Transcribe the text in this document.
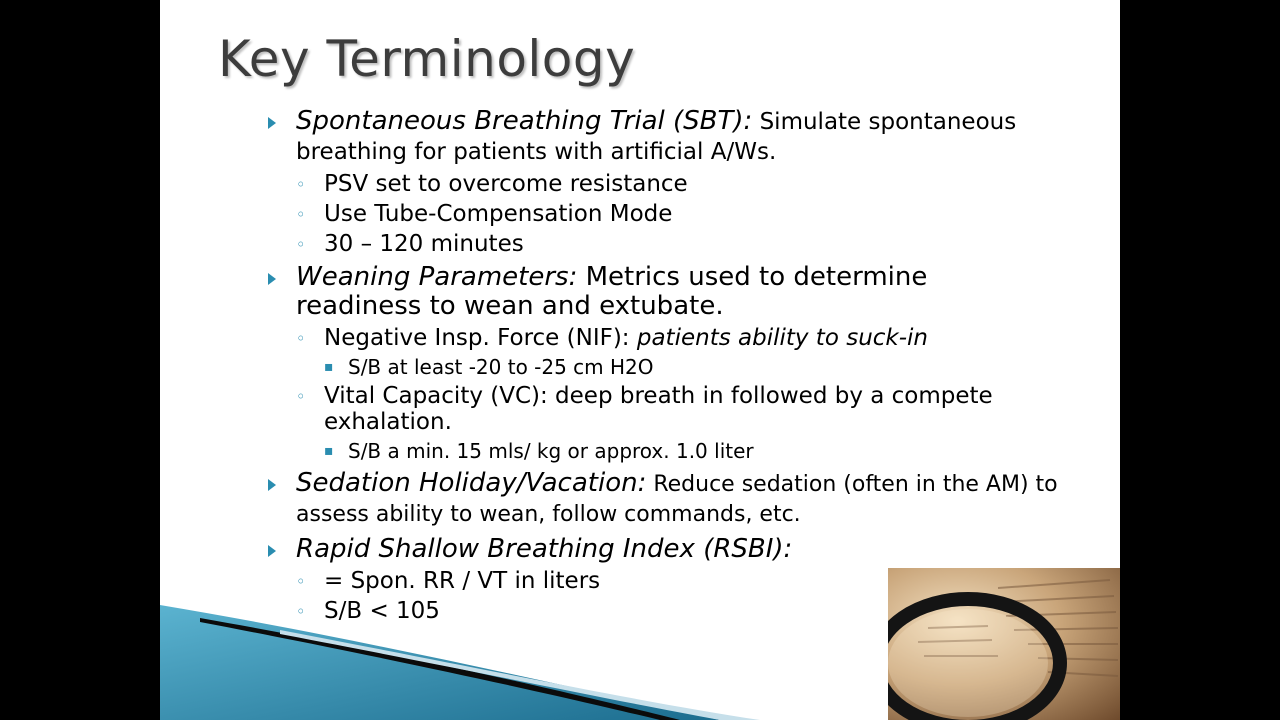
Key Terminology
Spontaneous Breathing Trial (SBT): Simulate spontaneous breathing for patients with artificial A/Ws.
◦ PSV set to overcome resistance
◦ Use Tube-Compensation Mode
◦ 30 – 120 minutes
Weaning Parameters: Metrics used to determine readiness to wean and extubate.
◦ Negative Insp. Force (NIF): patients ability to suck-in
▪ S/B at least -20 to -25 cm H2O
◦ Vital Capacity (VC): deep breath in followed by a compete exhalation.
▪ S/B a min. 15 mls/ kg or approx. 1.0 liter
Sedation Holiday/Vacation: Reduce sedation (often in the AM) to assess ability to wean, follow commands, etc.
Rapid Shallow Breathing Index (RSBI):
◦ = Spon. RR / VT in liters
◦ S/B < 105
